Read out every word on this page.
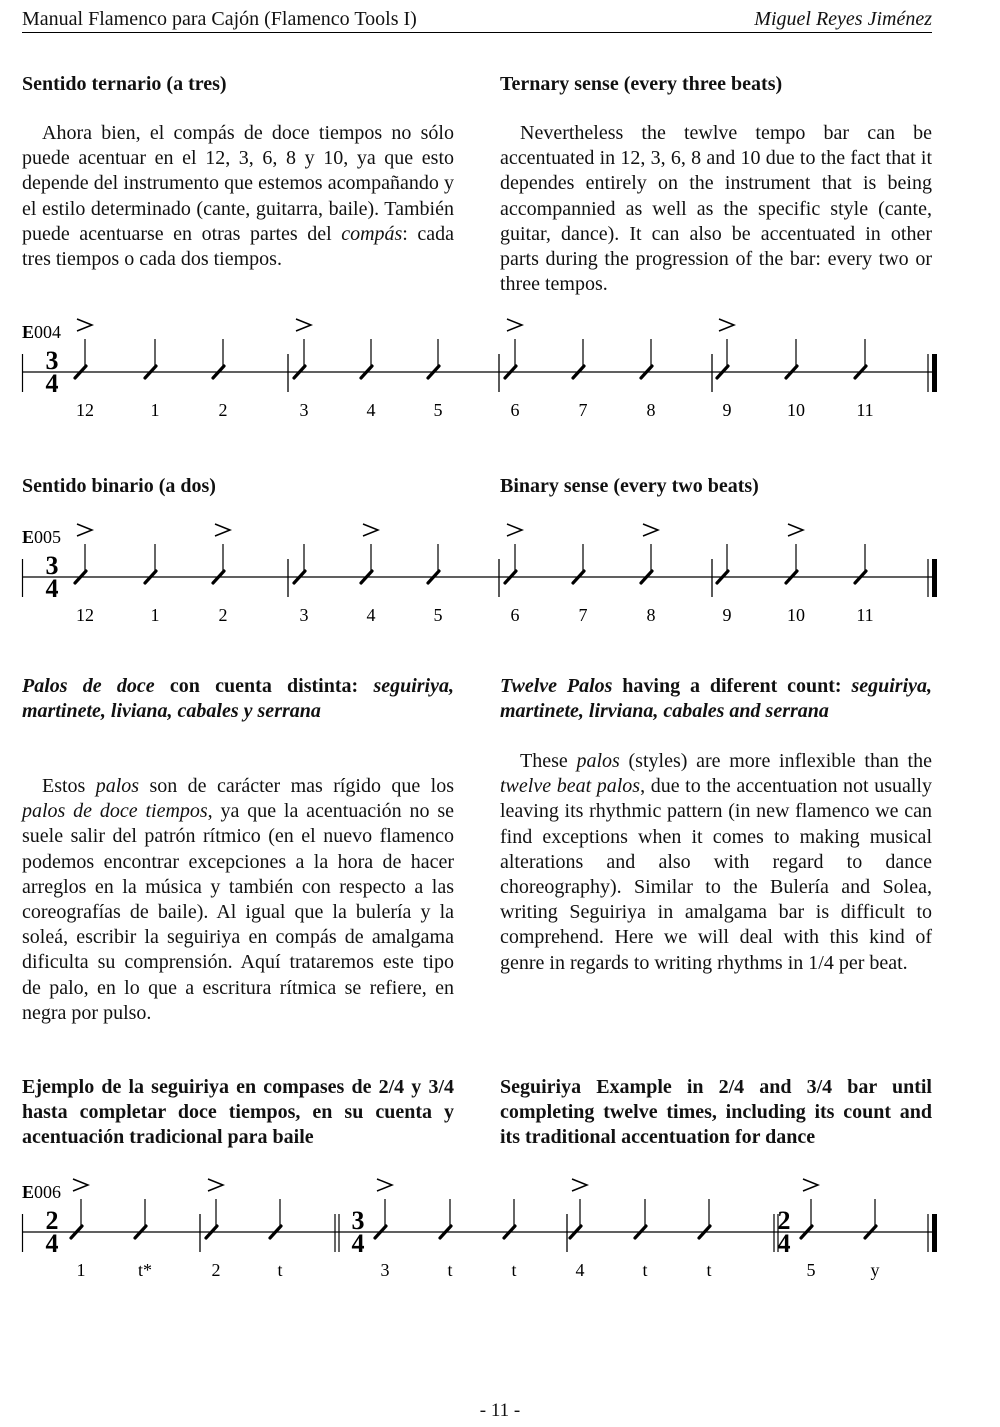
Manual Flamenco para Cajón (Flamenco Tools I)	Miguel Reyes Jiménez
Sentido ternario (a tres)
Ahora bien, el compás de doce tiempos no sólo puede acentuar en el 12, 3, 6, 8 y 10, ya que esto depende del instrumento que estemos acompañando y el estilo determinado (cante, guitarra, baile). También puede acentuarse en otras partes del compás: cada tres tiempos o cada dos tiempos.
Ternary sense (every three beats)
Nevertheless the tewlve tempo bar can be accentuated in 12, 3, 6, 8 and 10 due to the fact that it dependes entirely on the instrument that is being accompannied as well as the specific style (cante, guitar, dance). It can also be accentuated in other parts during the progression of the bar: every two or three tempos.
E004
3
4
12	1	2	3	4	5	6	7	8	9	10	11
Sentido binario (a dos)	Binary sense (every two beats)
E005
3
4
12	1	2	3	4	5	6	7	8	9	10	11
Palos de doce con cuenta distinta: seguiriya, martinete, liviana, cabales y serrana
Estos palos son de carácter mas rígido que los palos de doce tiempos, ya que la acentuación no se suele salir del patrón rítmico (en el nuevo flamenco podemos encontrar excepciones a la hora de hacer arreglos en la música y también con respecto a las coreografías de baile). Al igual que la bulería y la soleá, escribir la seguiriya en compás de amalgama dificulta su comprensión. Aquí trataremos este tipo de palo, en lo que a escritura rítmica se refiere, en negra por pulso.
Twelve Palos having a diferent count: seguiriya, martinete, lirviana, cabales and serrana
These palos (styles) are more inflexible than the twelve beat palos, due to the accentuation not usually leaving its rhythmic pattern (in new flamenco we can find exceptions when it comes to making musical alterations and also with regard to dance choreography). Similar to the Bulería and Solea, writing Seguiriya in amalgama bar is difficult to comprehend. Here we will deal with this kind of genre in regards to writing rhythms in 1/4 per beat.
Ejemplo de la seguiriya en compases de 2/4 y 3/4 hasta completar doce tiempos, en su cuenta y acentuación tradicional para baile
Seguiriya Example in 2/4 and 3/4 bar until completing twelve times, including its count and its traditional accentuation for dance
E006
2
4
3
4
2
4
1	t*	2	t	3	t	t	4	t	t	5	y
- 11 -
